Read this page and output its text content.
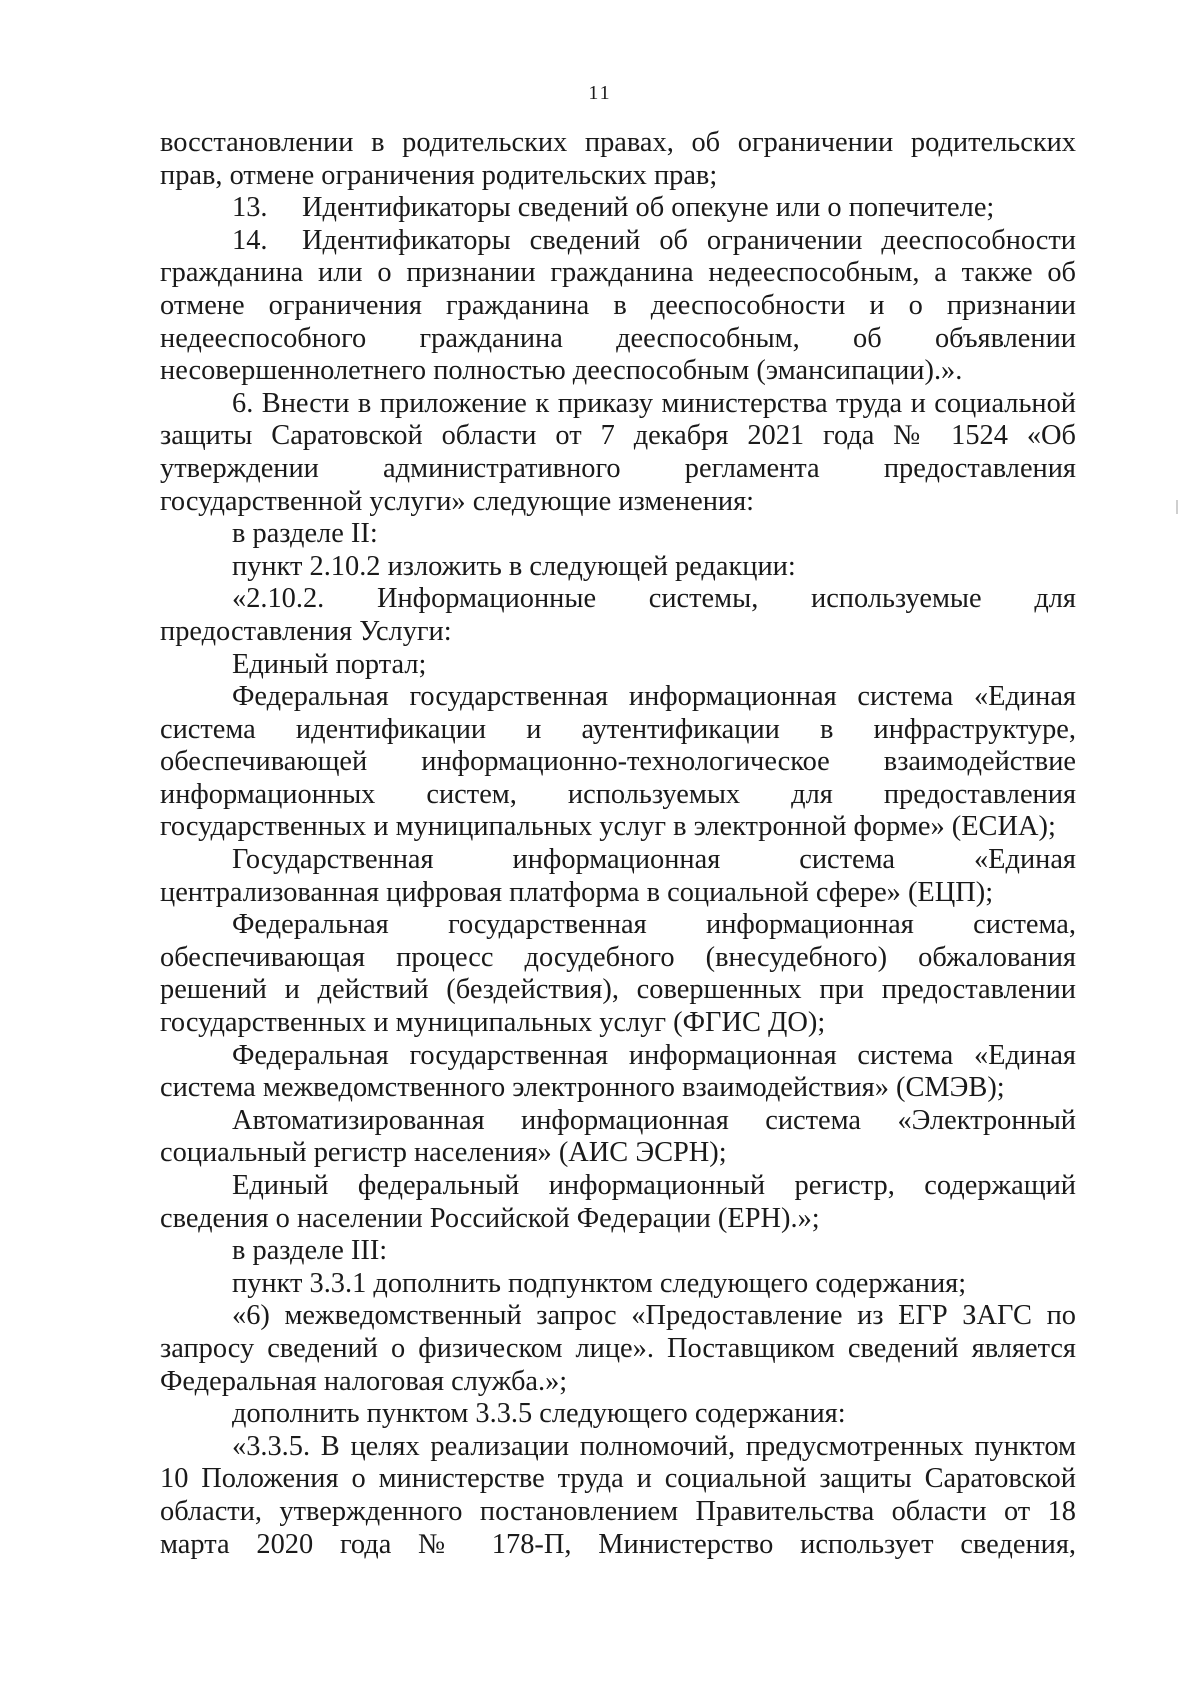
11

восстановлении в родительских правах, об ограничении родительских прав, отмене ограничения родительских прав;

13. Идентификаторы сведений об опекуне или о попечителе;

14. Идентификаторы сведений об ограничении дееспособности гражданина или о признании гражданина недееспособным, а также об отмене ограничения гражданина в дееспособности и о признании недееспособного гражданина дееспособным, об объявлении несовершеннолетнего полностью дееспособным (эмансипации).».

6. Внести в приложение к приказу министерства труда и социальной защиты Саратовской области от 7 декабря 2021 года № 1524 «Об утверждении административного регламента предоставления государственной услуги» следующие изменения:

в разделе II:

пункт 2.10.2 изложить в следующей редакции:

«2.10.2. Информационные системы, используемые для предоставления Услуги:

Единый портал;

Федеральная государственная информационная система «Единая система идентификации и аутентификации в инфраструктуре, обеспечивающей информационно-технологическое взаимодействие информационных систем, используемых для предоставления государственных и муниципальных услуг в электронной форме» (ЕСИА);

Государственная информационная система «Единая централизованная цифровая платформа в социальной сфере» (ЕЦП);

Федеральная государственная информационная система, обеспечивающая процесс досудебного (внесудебного) обжалования решений и действий (бездействия), совершенных при предоставлении государственных и муниципальных услуг (ФГИС ДО);

Федеральная государственная информационная система «Единая система межведомственного электронного взаимодействия» (СМЭВ);

Автоматизированная информационная система «Электронный социальный регистр населения» (АИС ЭСРН);

Единый федеральный информационный регистр, содержащий сведения о населении Российской Федерации (ЕРН).»;

в разделе III:

пункт 3.3.1 дополнить подпунктом следующего содержания;

«6) межведомственный запрос «Предоставление из ЕГР ЗАГС по запросу сведений о физическом лице». Поставщиком сведений является Федеральная налоговая служба.»;

дополнить пунктом 3.3.5 следующего содержания:

«3.3.5. В целях реализации полномочий, предусмотренных пунктом 10 Положения о министерстве труда и социальной защиты Саратовской области, утвержденного постановлением Правительства области от 18 марта 2020 года № 178-П, Министерство использует сведения,
